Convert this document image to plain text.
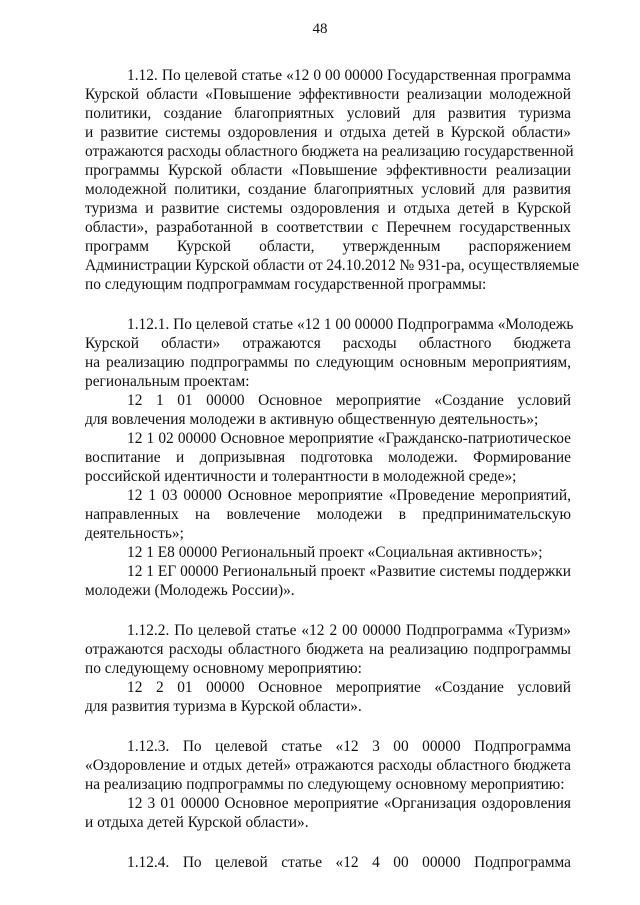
48
1.12. По целевой статье «12 0 00 00000 Государственная программа
Курской области «Повышение эффективности реализации молодежной
политики, создание благоприятных условий для развития туризма
и развитие системы оздоровления и отдыха детей в Курской области»
отражаются расходы областного бюджета на реализацию государственной
программы Курской области «Повышение эффективности реализации
молодежной политики, создание благоприятных условий для развития
туризма и развитие системы оздоровления и отдыха детей в Курской
области», разработанной в соответствии с Перечнем государственных
программ Курской области, утвержденным распоряжением
Администрации Курской области от 24.10.2012 № 931-ра, осуществляемые
по следующим подпрограммам государственной программы:
1.12.1. По целевой статье «12 1 00 00000 Подпрограмма «Молодежь
Курской области» отражаются расходы областного бюджета
на реализацию подпрограммы по следующим основным мероприятиям,
региональным проектам:
12 1 01 00000 Основное мероприятие «Создание условий
для вовлечения молодежи в активную общественную деятельность»;
12 1 02 00000 Основное мероприятие «Гражданско-патриотическое
воспитание и допризывная подготовка молодежи. Формирование
российской идентичности и толерантности в молодежной среде»;
12 1 03 00000 Основное мероприятие «Проведение мероприятий,
направленных на вовлечение молодежи в предпринимательскую
деятельность»;
12 1 Е8 00000 Региональный проект «Социальная активность»;
12 1 ЕГ 00000 Региональный проект «Развитие системы поддержки
молодежи (Молодежь России)».
1.12.2. По целевой статье «12 2 00 00000 Подпрограмма «Туризм»
отражаются расходы областного бюджета на реализацию подпрограммы
по следующему основному мероприятию:
12 2 01 00000 Основное мероприятие «Создание условий
для развития туризма в Курской области».
1.12.3. По целевой статье «12 3 00 00000 Подпрограмма
«Оздоровление и отдых детей» отражаются расходы областного бюджета
на реализацию подпрограммы по следующему основному мероприятию:
12 3 01 00000 Основное мероприятие «Организация оздоровления
и отдыха детей Курской области».
1.12.4. По целевой статье «12 4 00 00000 Подпрограмма
